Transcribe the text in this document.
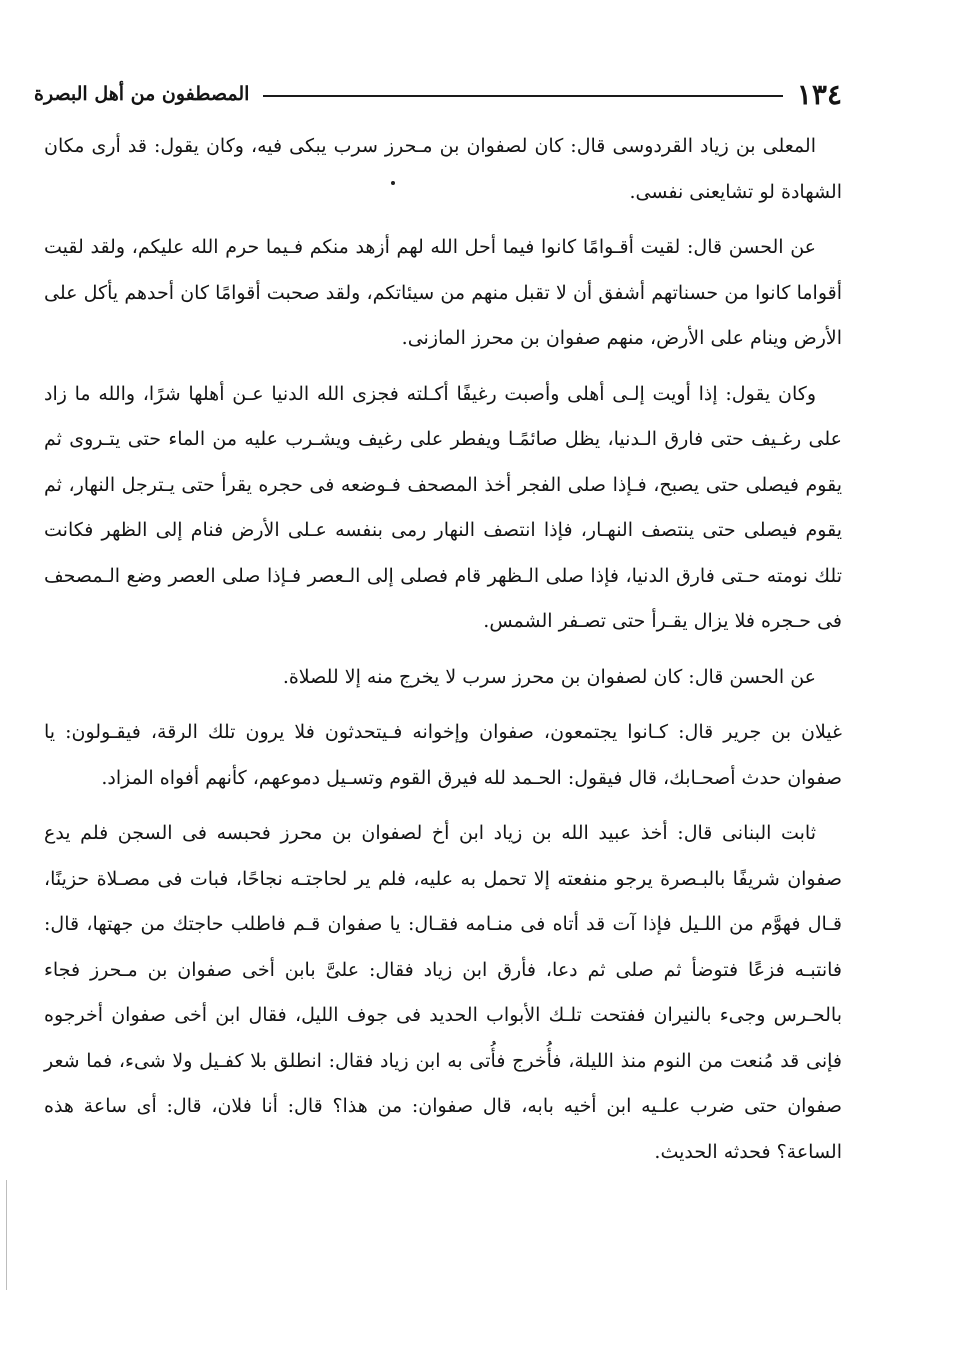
١٣٤
المصطفون من أهل البصرة

المعلى بن زياد القردوسى قال: كان لصفوان بن مـحرز سرب يبكى فيه، وكان يقول: قد أرى مكان الشهادة لو تشايعنى نفسى.

عن الحسن قال: لقيت أقـوامًا كانوا فيما أحل الله لهم أزهد منكم فـيما حرم الله عليكم، ولقد لقيت أقواما كانوا من حسناتهم أشفق أن لا تقبل منهم من سيئاتكم، ولقد صحبت أقوامًا كان أحدهم يأكل على الأرض وينام على الأرض، منهم صفوان بن محرز المازنى.

وكان يقول: إذا أويت إلـى أهلى وأصبت رغيفًا أكـلته فجزى الله الدنيا عـن أهلها شرًا، والله ما زاد على رغـيف حتى فارق الـدنيا، يظل صائمًـا ويفطر على رغيف ويشـرب عليه من الماء حتى يتـروى ثم يقوم فيصلى حتى يصبح، فـإذا صلى الفجر أخذ المصحف فـوضعه فى حجره يقرأ حتى يـترجل النهار، ثم يقوم فيصلى حتى ينتصف النهـار، فإذا انتصف النهار رمى بنفسه عـلى الأرض فنام إلى الظهر فكانت تلك نومته حـتى فارق الدنيا، فإذا صلى الـظهر قام فصلى إلى الـعصر فـإذا صلى العصر وضع الـمصحف فى حـجره فلا يزال يقـرأ حتى تصـفر الشمس.

عن الحسن قال: كان لصفوان بن محرز سرب لا يخرج منه إلا للصلاة.

غيلان بن جرير قال: كـانوا يجتمعون، صفوان وإخوانه فـيتحدثون فلا يرون تلك الرقة، فيقـولون: يا صفوان حدث أصحـابك، قال فيقول: الحـمد لله فيرق القوم وتسـيل دموعهم، كأنهم أفواه المزاد.

ثابت البنانى قال: أخذ عبيد الله بن زياد ابن أخ لصفوان بن محرز فحبسه فى السجن فلم يدع صفوان شريفًا بالبـصرة يرجو منفعته إلا تحمل به عليه، فلم ير لحاجتـه نجاحًا، فبات فى مصـلاة حزينًا، قـال فهوَّم من اللـيل فإذا آت قد أتاه فى منـامه فقـال: يا صفوان قـم فاطلب حاجتك من جهتها، قال: فانتبـه فزعًا فتوضأ ثم صلى ثم دعا، فأرق ابن زياد فقال: علىَّ بابن أخى صفوان بن مـحرز فجاء بالحـرس وجىء بالنيران ففتحت تلـك الأبواب الحديد فى جوف الليل، فقال ابن أخى صفوان أخرجوه فإنى قد مُنعت من النوم منذ الليلة، فأُخرج فأُتى به ابن زياد فقال: انطلق بلا كفـيل ولا شىء، فما شعر صفوان حتى ضرب علـيه ابن أخيه بابه، قال صفوان: من هذا؟ قال: أنا فلان، قال: أى ساعة هذه الساعة؟ فحدثه الحديث.
